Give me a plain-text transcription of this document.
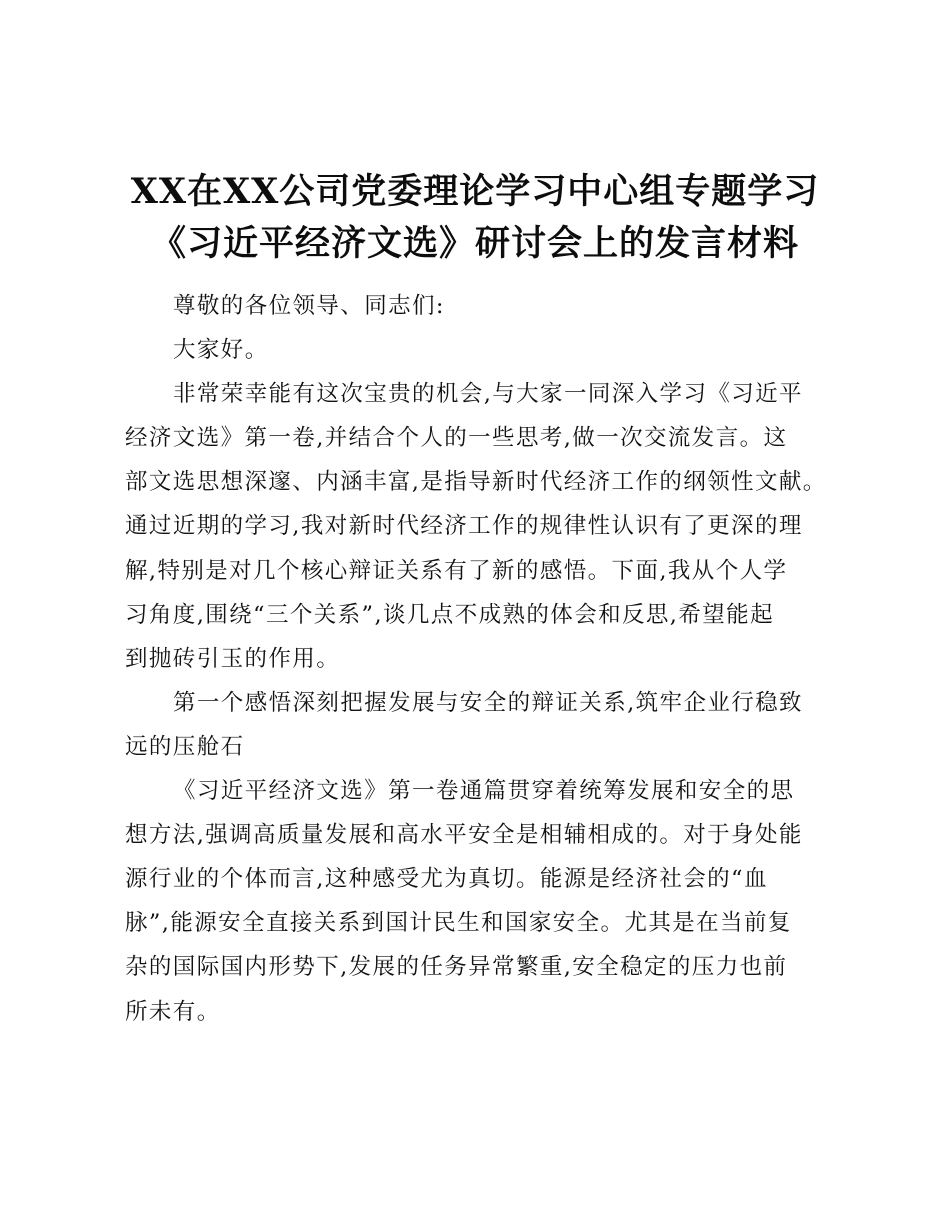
XX在XX公司党委理论学习中心组专题学习
《习近平经济文选》研讨会上的发言材料
尊敬的各位领导、同志们:
大家好。
非常荣幸能有这次宝贵的机会,与大家一同深入学习《习近平
经济文选》第一卷,并结合个人的一些思考,做一次交流发言。这
部文选思想深邃、内涵丰富,是指导新时代经济工作的纲领性文献。
通过近期的学习,我对新时代经济工作的规律性认识有了更深的理
解,特别是对几个核心辩证关系有了新的感悟。下面,我从个人学
习角度,围绕“三个关系”,谈几点不成熟的体会和反思,希望能起
到抛砖引玉的作用。
第一个感悟深刻把握发展与安全的辩证关系,筑牢企业行稳致
远的压舱石
《习近平经济文选》第一卷通篇贯穿着统筹发展和安全的思
想方法,强调高质量发展和高水平安全是相辅相成的。对于身处能
源行业的个体而言,这种感受尤为真切。能源是经济社会的“血
脉”,能源安全直接关系到国计民生和国家安全。尤其是在当前复
杂的国际国内形势下,发展的任务异常繁重,安全稳定的压力也前
所未有。
